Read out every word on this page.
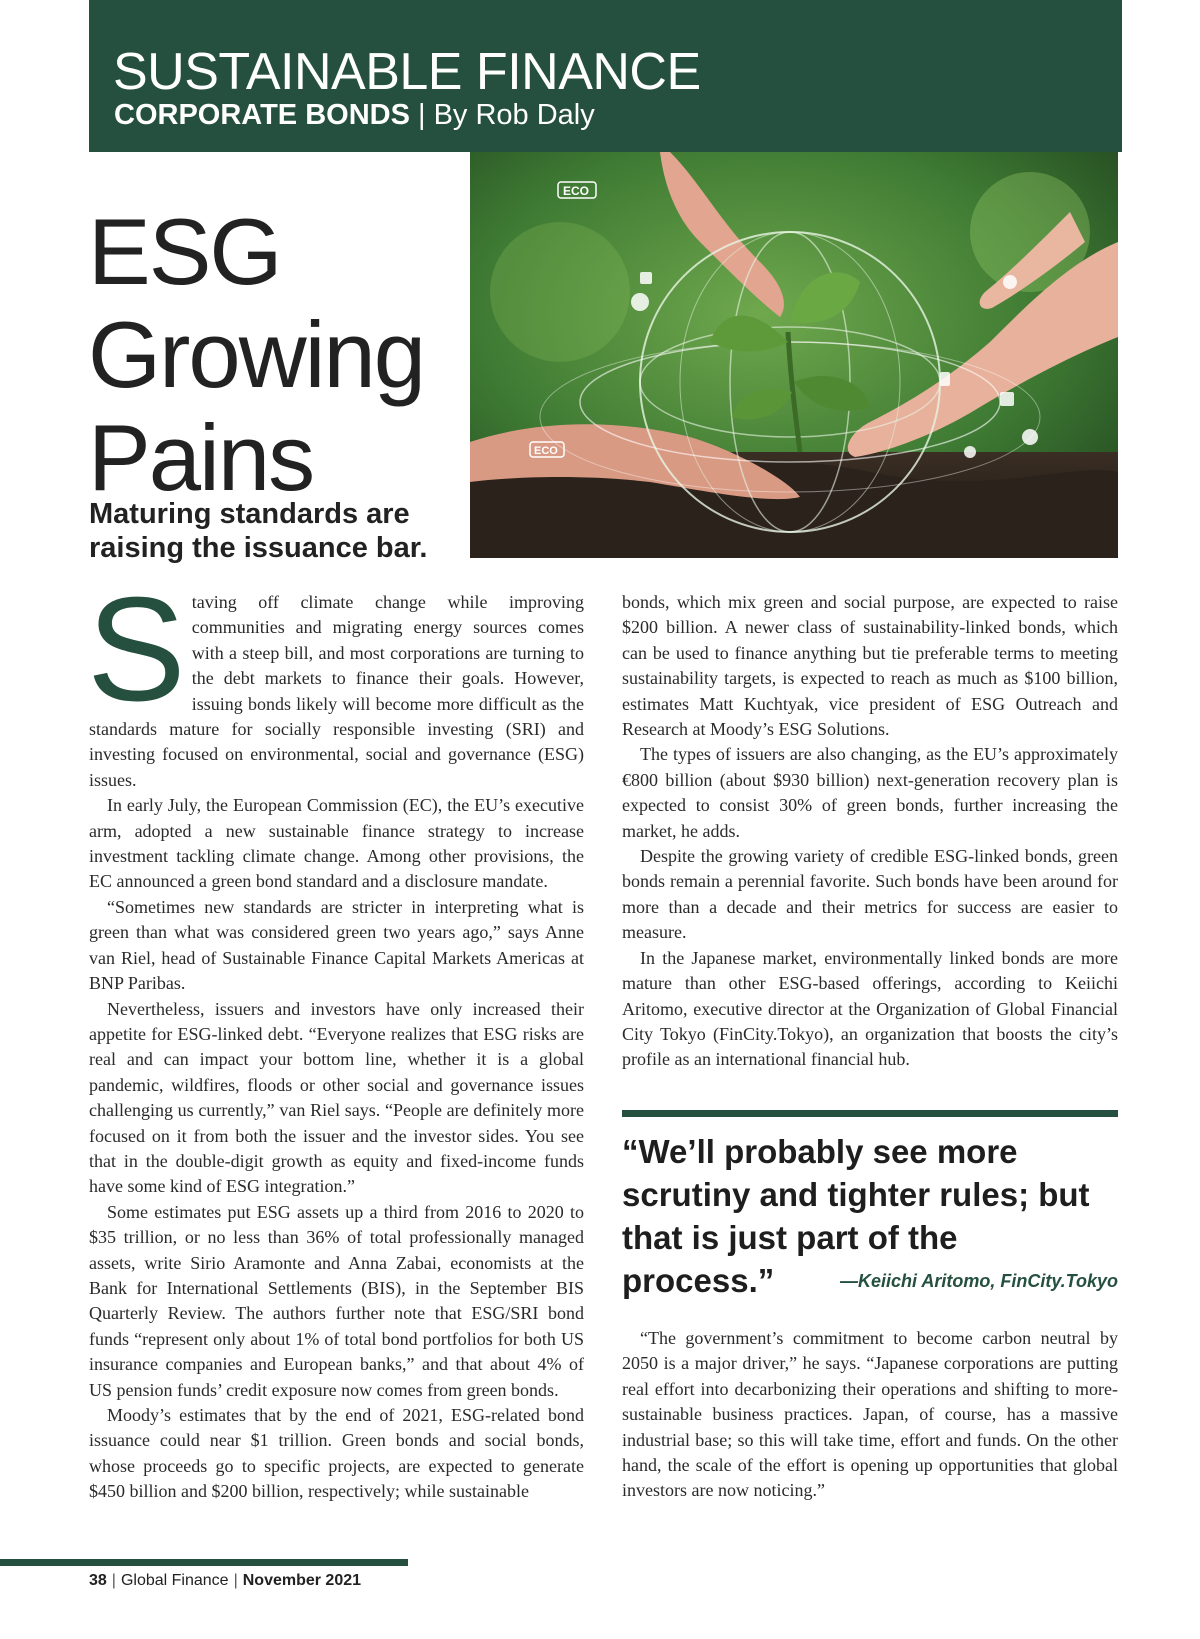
SUSTAINABLE FINANCE
CORPORATE BONDS | By Rob Daly
ECO
ECO
ESG
Growing
Pains
Maturing standards are raising the issuance bar.

Staving off climate change while improving communities and migrating energy sources comes with a steep bill, and most corporations are turning to the debt markets to finance their goals. However, issuing bonds likely will become more difficult as the standards mature for socially responsible investing (SRI) and investing focused on environmental, social and governance (ESG) issues.

In early July, the European Commission (EC), the EU’s executive arm, adopted a new sustainable finance strategy to increase investment tackling climate change. Among other provisions, the EC announced a green bond standard and a disclosure mandate.

“Sometimes new standards are stricter in interpreting what is green than what was considered green two years ago,” says Anne van Riel, head of Sustainable Finance Capital Markets Americas at BNP Paribas.

Nevertheless, issuers and investors have only increased their appetite for ESG-linked debt. “Everyone realizes that ESG risks are real and can impact your bottom line, whether it is a global pandemic, wildfires, floods or other social and governance issues challenging us currently,” van Riel says. “People are definitely more focused on it from both the issuer and the investor sides. You see that in the double-digit growth as equity and fixed-income funds have some kind of ESG integration.”

Some estimates put ESG assets up a third from 2016 to 2020 to $35 trillion, or no less than 36% of total professionally managed assets, write Sirio Aramonte and Anna Zabai, economists at the Bank for International Settlements (BIS), in the September BIS Quarterly Review. The authors further note that ESG/SRI bond funds “represent only about 1% of total bond portfolios for both US insurance companies and European banks,” and that about 4% of US pension funds’ credit exposure now comes from green bonds.

Moody’s estimates that by the end of 2021, ESG-related bond issuance could near $1 trillion. Green bonds and social bonds, whose proceeds go to specific projects, are expected to generate $450 billion and $200 billion, respectively; while sustainable

bonds, which mix green and social purpose, are expected to raise $200 billion. A newer class of sustainability-linked bonds, which can be used to finance anything but tie preferable terms to meeting sustainability targets, is expected to reach as much as $100 billion, estimates Matt Kuchtyak, vice president of ESG Outreach and Research at Moody’s ESG Solutions.

The types of issuers are also changing, as the EU’s approximately €800 billion (about $930 billion) next-generation recovery plan is expected to consist 30% of green bonds, further increasing the market, he adds.

Despite the growing variety of credible ESG-linked bonds, green bonds remain a perennial favorite. Such bonds have been around for more than a decade and their metrics for success are easier to measure.

In the Japanese market, environmentally linked bonds are more mature than other ESG-based offerings, according to Keiichi Aritomo, executive director at the Organization of Global Financial City Tokyo (FinCity.Tokyo), an organization that boosts the city’s profile as an international financial hub.

“We’ll probably see more scrutiny and tighter rules; but that is just part of the process.”	—Keiichi Aritomo, FinCity.Tokyo

“The government’s commitment to become carbon neutral by 2050 is a major driver,” he says. “Japanese corporations are putting real effort into decarbonizing their operations and shifting to more-sustainable business practices. Japan, of course, has a massive industrial base; so this will take time, effort and funds. On the other hand, the scale of the effort is opening up opportunities that global investors are now noticing.”

38 | Global Finance | November 2021
